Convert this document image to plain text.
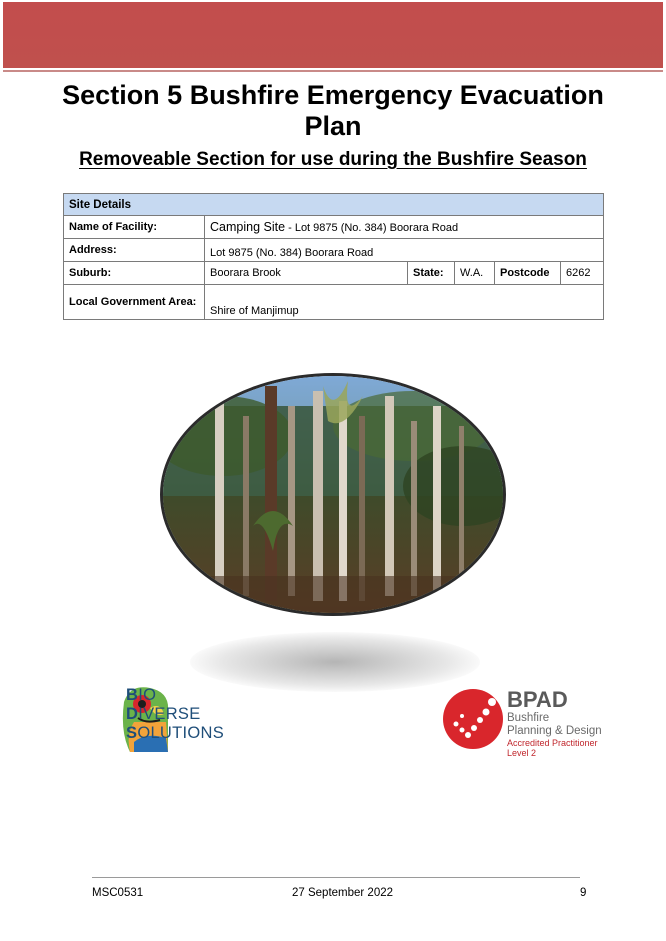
Section 5 Bushfire Emergency Evacuation Plan
Removeable Section for use during the Bushfire Season
Site Details					
Name of Facility:	Camping Site - Lot 9875 (No. 384) Boorara Road				
Address:	Lot 9875 (No. 384) Boorara Road				
Suburb:	Boorara Brook	State:	W.A.	Postcode	6262
Local Government Area:	Shire of Manjimup				
BIO
DIVERSE
SOLUTIONS
BPAD
Bushfire
Planning & Design
Accredited Practitioner
Level 2
MSC0531	27 September 2022	9
